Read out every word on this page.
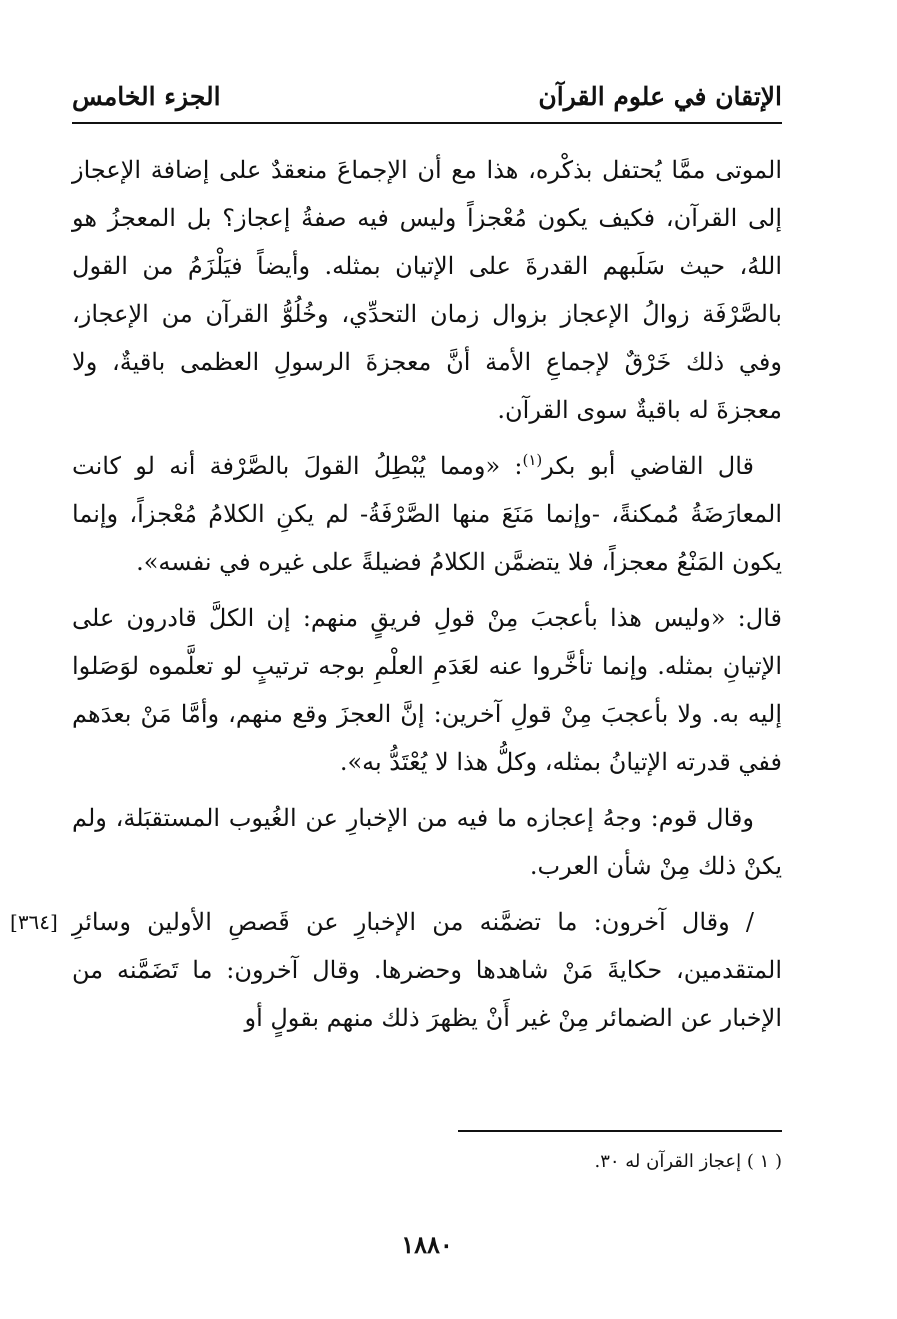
الإتقان في علوم القرآن
الجزء الخامس

الموتى ممَّا يُحتفل بذكْره، هذا مع أن الإجماعَ منعقدٌ على إضافة الإعجاز إلى القرآن، فكيف يكون مُعْجزاً وليس فيه صفةُ إعجاز؟ بل المعجزُ هو اللهُ، حيث سَلَبهم القدرةَ على الإتيان بمثله. وأيضاً فيَلْزَمُ من القول بالصَّرْفَة زوالُ الإعجاز بزوال زمان التحدِّي، وخُلُوُّ القرآن من الإعجاز، وفي ذلك خَرْقٌ لإجماعِ الأمة أنَّ معجزةَ الرسولِ العظمى باقيةٌ، ولا معجزةَ له باقيةٌ سوى القرآن.

قال القاضي أبو بكر$^{(١)}$: «ومما يُبْطِلُ القولَ بالصَّرْفة أنه لو كانت المعارَضَةُ مُمكنةً، -وإنما مَنَعَ منها الصَّرْفَةُ- لم يكنِ الكلامُ مُعْجزاً، وإنما يكون المَنْعُ معجزاً، فلا يتضمَّن الكلامُ فضيلةً على غيره في نفسه».

قال: «وليس هذا بأعجبَ مِنْ قولِ فريقٍ منهم: إن الكلَّ قادرون على الإتيانِ بمثله. وإنما تأخَّروا عنه لعَدَمِ العلْمِ بوجه ترتيبٍ لو تعلَّموه لوَصَلوا إليه به. ولا بأعجبَ مِنْ قولِ آخرين: إنَّ العجزَ وقع منهم، وأمَّا مَنْ بعدَهم ففي قدرته الإتيانُ بمثله، وكلُّ هذا لا يُعْتَدُّ به».

وقال قوم: وجهُ إعجازه ما فيه من الإخبارِ عن الغُيوب المستقبَلة، ولم يكنْ ذلك مِنْ شأن العرب.

[٣٦٤] / وقال آخرون: ما تضمَّنه من الإخبارِ عن قَصصِ الأولين وسائرِ المتقدمين، حكايةَ مَنْ شاهدها وحضرها. وقال آخرون: ما تَضَمَّنه من الإخبار عن الضمائر مِنْ غير أَنْ يظهرَ ذلك منهم بقولٍ أو

( ١ ) إعجاز القرآن له ٣٠.
١٨٨٠
